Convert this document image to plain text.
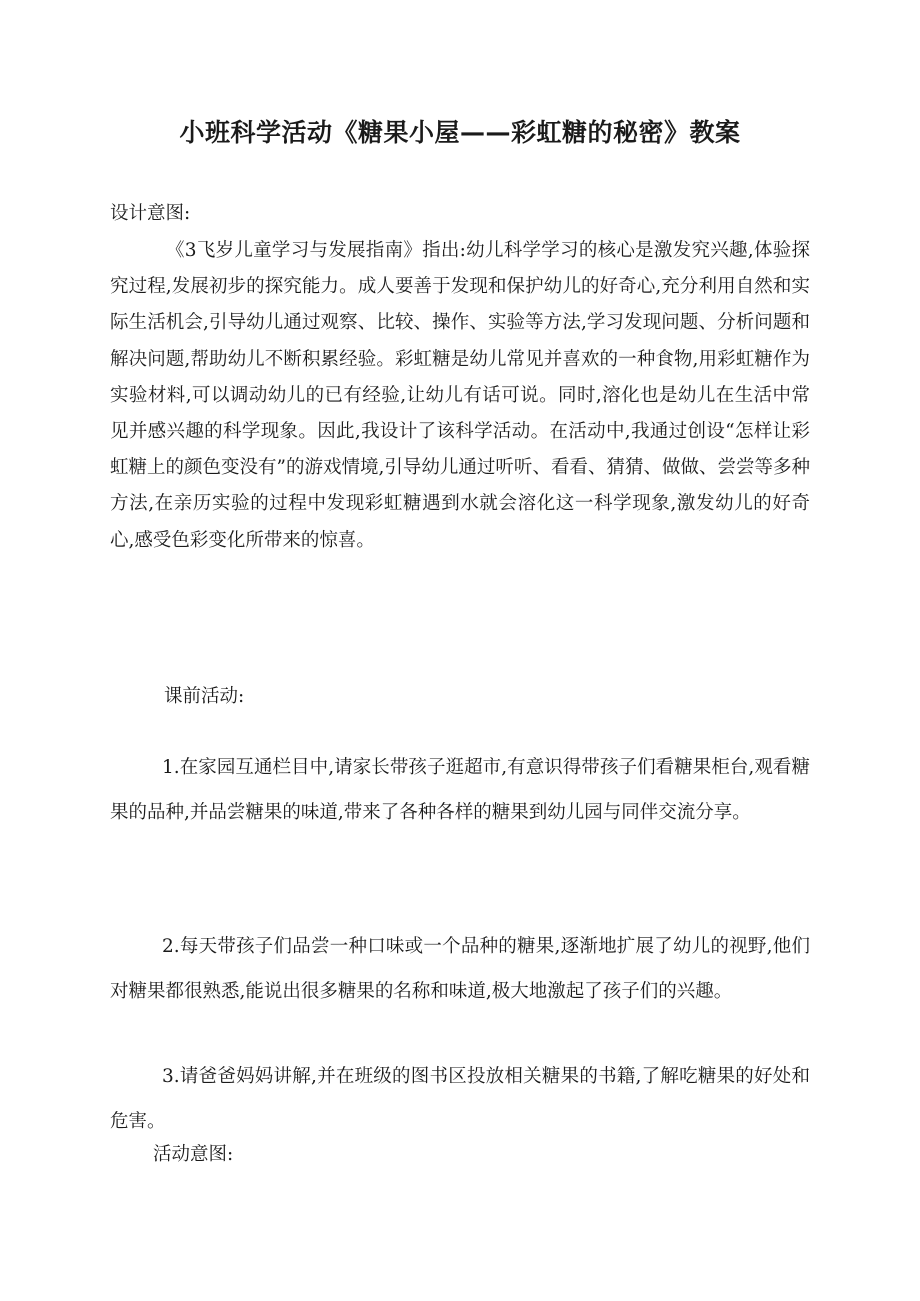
小班科学活动《糖果小屋——彩虹糖的秘密》教案

设计意图:

《3飞岁儿童学习与发展指南》指出:幼儿科学学习的核心是激发究兴趣,体验探究过程,发展初步的探究能力。成人要善于发现和保护幼儿的好奇心,充分利用自然和实际生活机会,引导幼儿通过观察、比较、操作、实验等方法,学习发现问题、分析问题和解决问题,帮助幼儿不断积累经验。彩虹糖是幼儿常见并喜欢的一种食物,用彩虹糖作为实验材料,可以调动幼儿的已有经验,让幼儿有话可说。同时,溶化也是幼儿在生活中常见并感兴趣的科学现象。因此,我设计了该科学活动。在活动中,我通过创设“怎样让彩虹糖上的颜色变没有”的游戏情境,引导幼儿通过听听、看看、猜猜、做做、尝尝等多种方法,在亲历实验的过程中发现彩虹糖遇到水就会溶化这一科学现象,激发幼儿的好奇心,感受色彩变化所带来的惊喜。

课前活动:

1.在家园互通栏目中,请家长带孩子逛超市,有意识得带孩子们看糖果柜台,观看糖果的品种,并品尝糖果的味道,带来了各种各样的糖果到幼儿园与同伴交流分享。

2.每天带孩子们品尝一种口味或一个品种的糖果,逐渐地扩展了幼儿的视野,他们对糖果都很熟悉,能说出很多糖果的名称和味道,极大地激起了孩子们的兴趣。

3.请爸爸妈妈讲解,并在班级的图书区投放相关糖果的书籍,了解吃糖果的好处和危害。

活动意图:
